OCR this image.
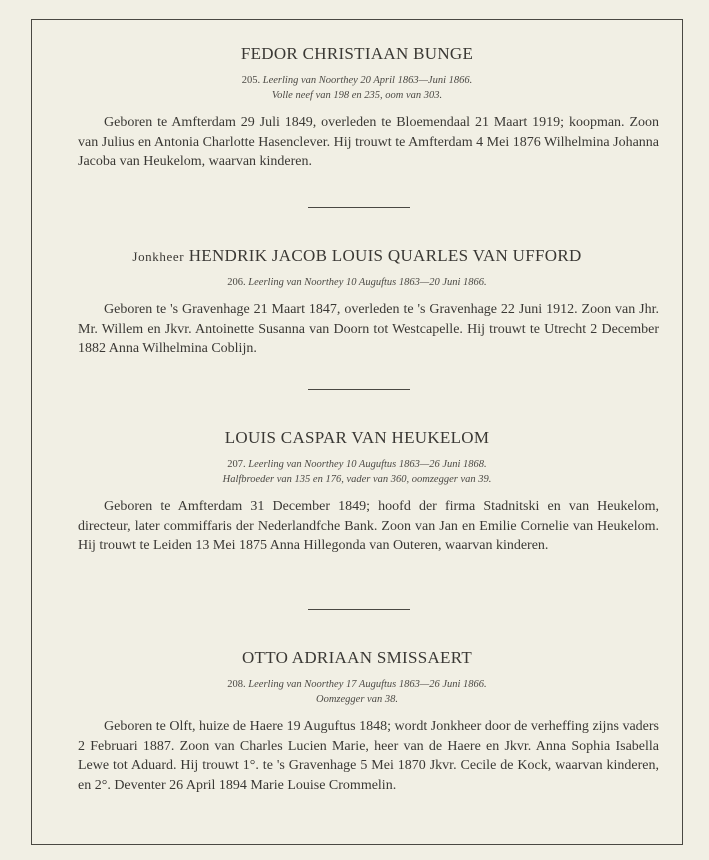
FEDOR CHRISTIAAN BUNGE

205. Leerling van Noorthey 20 April 1863—Juni 1866.

Volle neef van 198 en 235, oom van 303.

Geboren te Amfterdam 29 Juli 1849, overleden te Bloemendaal 21 Maart 1919; koopman. Zoon van Julius en Antonia Charlotte Hasenclever. Hij trouwt te Amfterdam 4 Mei 1876 Wilhelmina Johanna Jacoba van Heukelom, waarvan kinderen.

Jonkheer HENDRIK JACOB LOUIS QUARLES VAN UFFORD

206. Leerling van Noorthey 10 Auguftus 1863—20 Juni 1866.

Geboren te 's Gravenhage 21 Maart 1847, overleden te 's Gravenhage 22 Juni 1912. Zoon van Jhr. Mr. Willem en Jkvr. Antoinette Susanna van Doorn tot Westcapelle. Hij trouwt te Utrecht 2 December 1882 Anna Wilhelmina Coblijn.

LOUIS CASPAR VAN HEUKELOM

207. Leerling van Noorthey 10 Auguftus 1863—26 Juni 1868.

Halfbroeder van 135 en 176, vader van 360, oomzegger van 39.

Geboren te Amfterdam 31 December 1849; hoofd der firma Stadnitski en van Heukelom, directeur, later commiffaris der Nederlandfche Bank. Zoon van Jan en Emilie Cornelie van Heukelom. Hij trouwt te Leiden 13 Mei 1875 Anna Hillegonda van Outeren, waarvan kinderen.

OTTO ADRIAAN SMISSAERT

208. Leerling van Noorthey 17 Auguftus 1863—26 Juni 1866.

Oomzegger van 38.

Geboren te Olft, huize de Haere 19 Auguftus 1848; wordt Jonkheer door de verheffing zijns vaders 2 Februari 1887. Zoon van Charles Lucien Marie, heer van de Haere en Jkvr. Anna Sophia Isabella Lewe tot Aduard. Hij trouwt 1°. te 's Gravenhage 5 Mei 1870 Jkvr. Cecile de Kock, waarvan kinderen, en 2°. Deventer 26 April 1894 Marie Louise Crommelin.
